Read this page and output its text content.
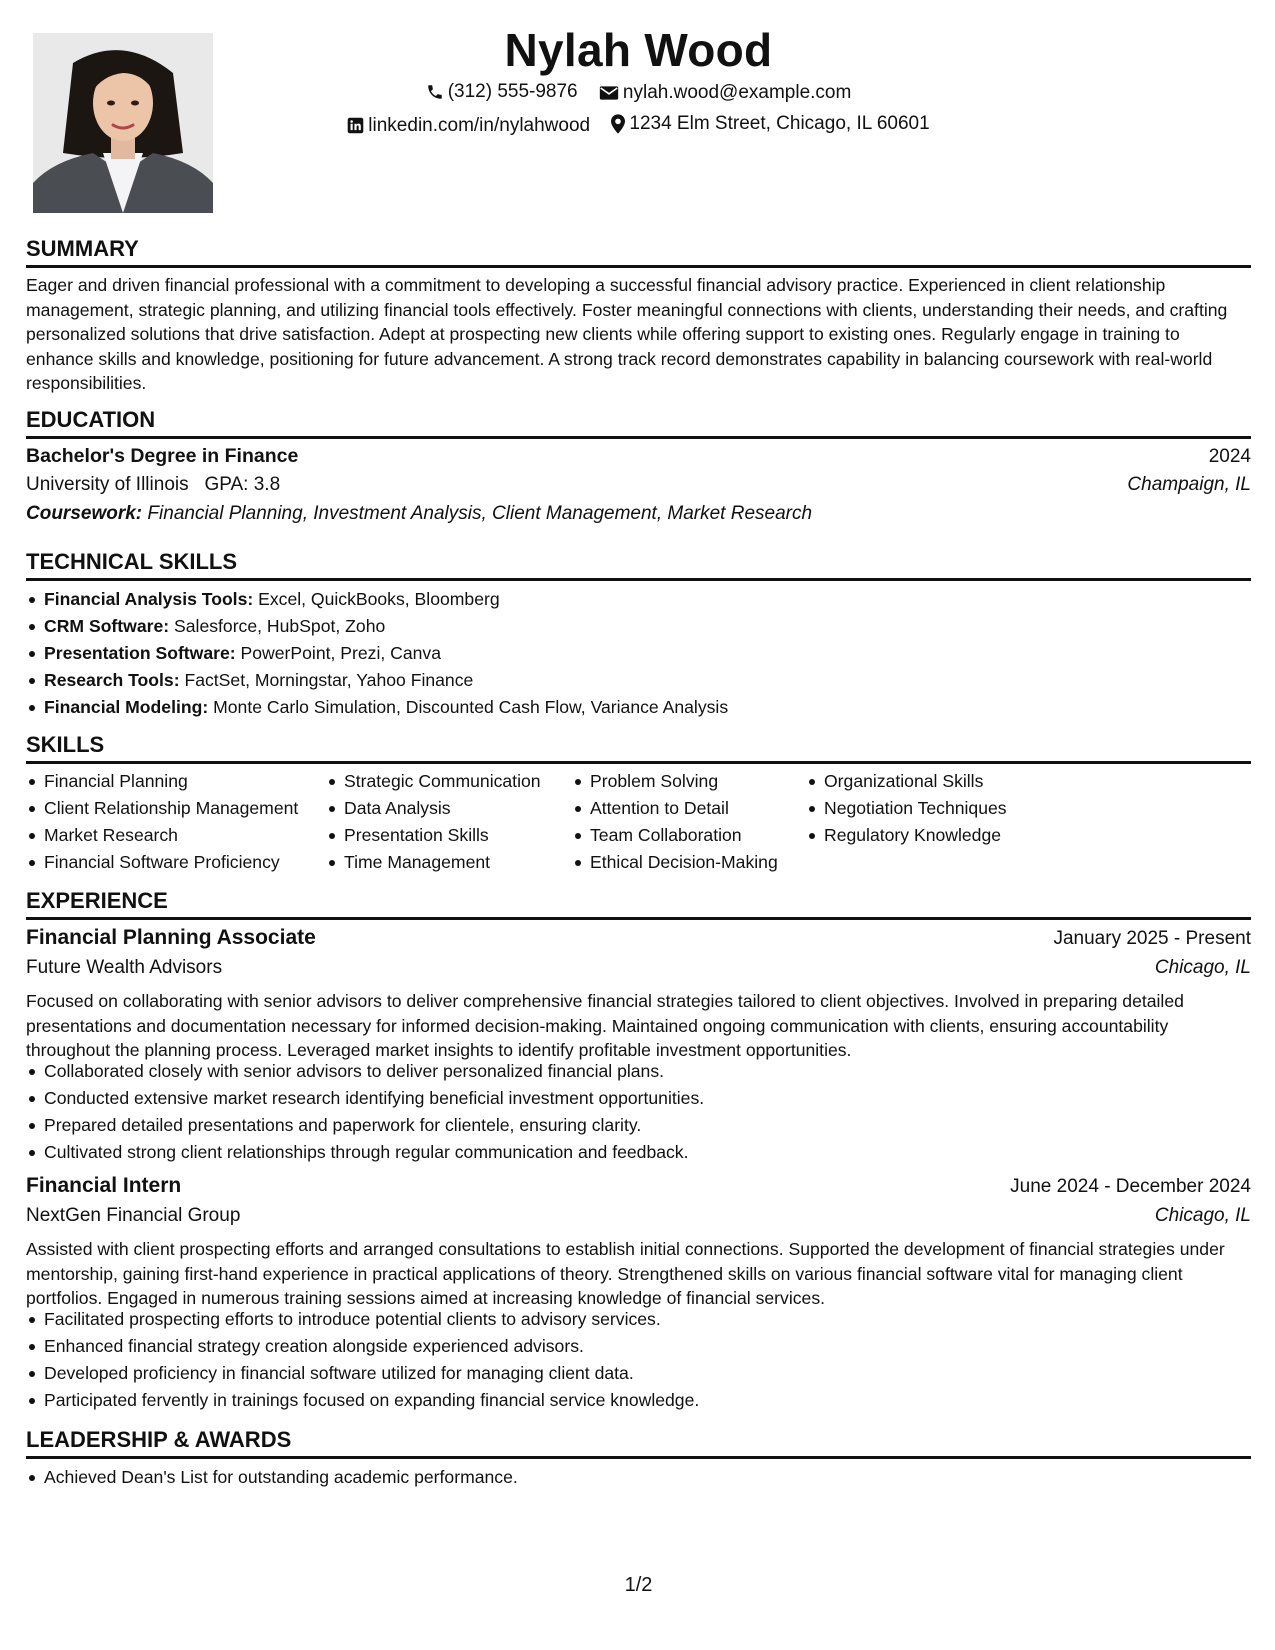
Nylah Wood
(312) 555-9876
nylah.wood@example.com
linkedin.com/in/nylahwood
1234 Elm Street, Chicago, IL 60601
SUMMARY

Eager and driven financial professional with a commitment to developing a successful financial advisory practice. Experienced in client relationship management, strategic planning, and utilizing financial tools effectively. Foster meaningful connections with clients, understanding their needs, and crafting personalized solutions that drive satisfaction. Adept at prospecting new clients while offering support to existing ones. Regularly engage in training to enhance skills and knowledge, positioning for future advancement. A strong track record demonstrates capability in balancing coursework with real-world responsibilities.

EDUCATION
Bachelor's Degree in Finance	2024
University of Illinois GPA: 3.8	Champaign, IL
Coursework: Financial Planning, Investment Analysis, Client Management, Market Research
TECHNICAL SKILLS
Financial Analysis Tools: Excel, QuickBooks, Bloomberg
CRM Software: Salesforce, HubSpot, Zoho
Presentation Software: PowerPoint, Prezi, Canva
Research Tools: FactSet, Morningstar, Yahoo Finance
Financial Modeling: Monte Carlo Simulation, Discounted Cash Flow, Variance Analysis
SKILLS
Financial Planning
Client Relationship Management
Market Research
Financial Software Proficiency
Strategic Communication
Data Analysis
Presentation Skills
Time Management
Problem Solving
Attention to Detail
Team Collaboration
Ethical Decision-Making
Organizational Skills
Negotiation Techniques
Regulatory Knowledge
EXPERIENCE
Financial Planning Associate	January 2025 - Present
Future Wealth Advisors	Chicago, IL

Focused on collaborating with senior advisors to deliver comprehensive financial strategies tailored to client objectives. Involved in preparing detailed presentations and documentation necessary for informed decision-making. Maintained ongoing communication with clients, ensuring accountability throughout the planning process. Leveraged market insights to identify profitable investment opportunities.

Collaborated closely with senior advisors to deliver personalized financial plans.
Conducted extensive market research identifying beneficial investment opportunities.
Prepared detailed presentations and paperwork for clientele, ensuring clarity.
Cultivated strong client relationships through regular communication and feedback.
Financial Intern	June 2024 - December 2024
NextGen Financial Group	Chicago, IL

Assisted with client prospecting efforts and arranged consultations to establish initial connections. Supported the development of financial strategies under mentorship, gaining first-hand experience in practical applications of theory. Strengthened skills on various financial software vital for managing client portfolios. Engaged in numerous training sessions aimed at increasing knowledge of financial services.

Facilitated prospecting efforts to introduce potential clients to advisory services.
Enhanced financial strategy creation alongside experienced advisors.
Developed proficiency in financial software utilized for managing client data.
Participated fervently in trainings focused on expanding financial service knowledge.
LEADERSHIP & AWARDS
Achieved Dean's List for outstanding academic performance.
1/2
